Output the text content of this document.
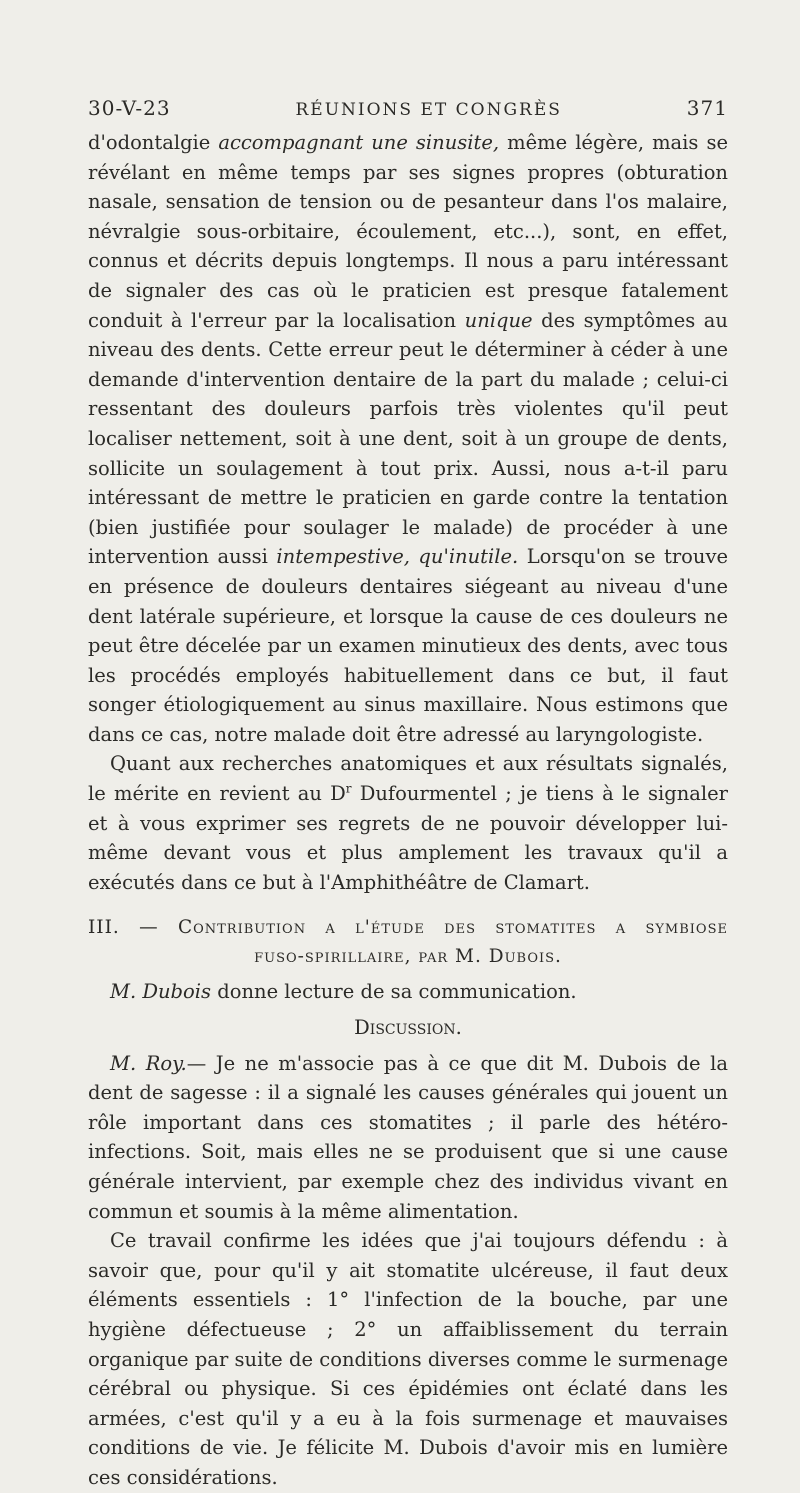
30-V-23	RÉUNIONS ET CONGRÈS	371

d'odontalgie accompagnant une sinusite, même légère, mais se révélant en même temps par ses signes propres (obturation nasale, sensation de tension ou de pesanteur dans l'os malaire, névralgie sous-orbitaire, écoulement, etc...), sont, en effet, connus et décrits depuis longtemps. Il nous a paru intéressant de signaler des cas où le praticien est presque fatalement conduit à l'erreur par la localisation unique des symptômes au niveau des dents. Cette erreur peut le déterminer à céder à une demande d'intervention dentaire de la part du malade ; celui-ci ressentant des douleurs parfois très violentes qu'il peut localiser nettement, soit à une dent, soit à un groupe de dents, sollicite un soulagement à tout prix. Aussi, nous a-t-il paru intéressant de mettre le praticien en garde contre la tentation (bien justifiée pour soulager le malade) de procéder à une intervention aussi intempestive, qu'inutile. Lorsqu'on se trouve en présence de douleurs dentaires siégeant au niveau d'une dent latérale supérieure, et lorsque la cause de ces douleurs ne peut être décelée par un examen minutieux des dents, avec tous les procédés employés habituellement dans ce but, il faut songer étiologiquement au sinus maxillaire. Nous estimons que dans ce cas, notre malade doit être adressé au laryngologiste.

Quant aux recherches anatomiques et aux résultats signalés, le mérite en revient au $D^r$ Dufourmentel ; je tiens à le signaler et à vous exprimer ses regrets de ne pouvoir développer lui-même devant vous et plus amplement les travaux qu'il a exécutés dans ce but à l'Amphithéâtre de Clamart.

III. — Contribution a l'étude des stomatites a symbiose
fuso-spirillaire, par M. Dubois.

M. Dubois donne lecture de sa communication.

Discussion.

M. Roy.— Je ne m'associe pas à ce que dit M. Dubois de la dent de sagesse : il a signalé les causes générales qui jouent un rôle important dans ces stomatites ; il parle des hétéro-infections. Soit, mais elles ne se produisent que si une cause générale intervient, par exemple chez des individus vivant en commun et soumis à la même alimentation.

Ce travail confirme les idées que j'ai toujours défendu : à savoir que, pour qu'il y ait stomatite ulcéreuse, il faut deux éléments essentiels : 1° l'infection de la bouche, par une hygiène défectueuse ; 2° un affaiblissement du terrain organique par suite de conditions diverses comme le surmenage cérébral ou physique. Si ces épidémies ont éclaté dans les armées, c'est qu'il y a eu à la fois surmenage et mauvaises conditions de vie. Je félicite M. Dubois d'avoir mis en lumière ces considérations.
